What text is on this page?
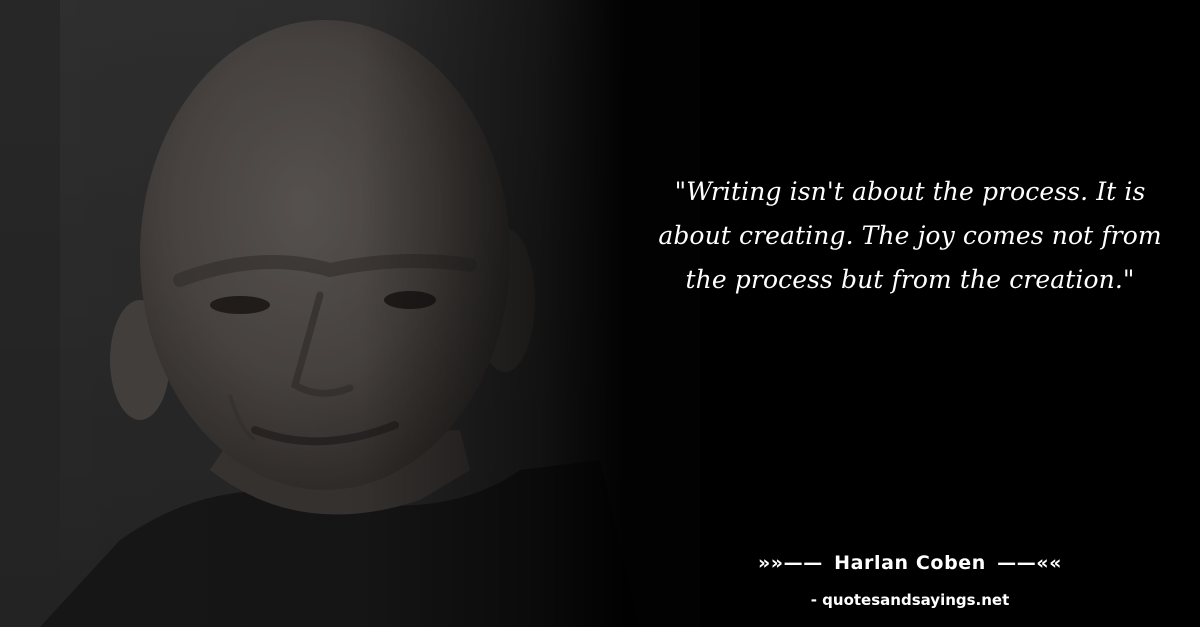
"Writing isn't about the process. It is about creating. The joy comes not from the process but from the creation."

»»—— Harlan Coben ——««

- quotesandsayings.net
